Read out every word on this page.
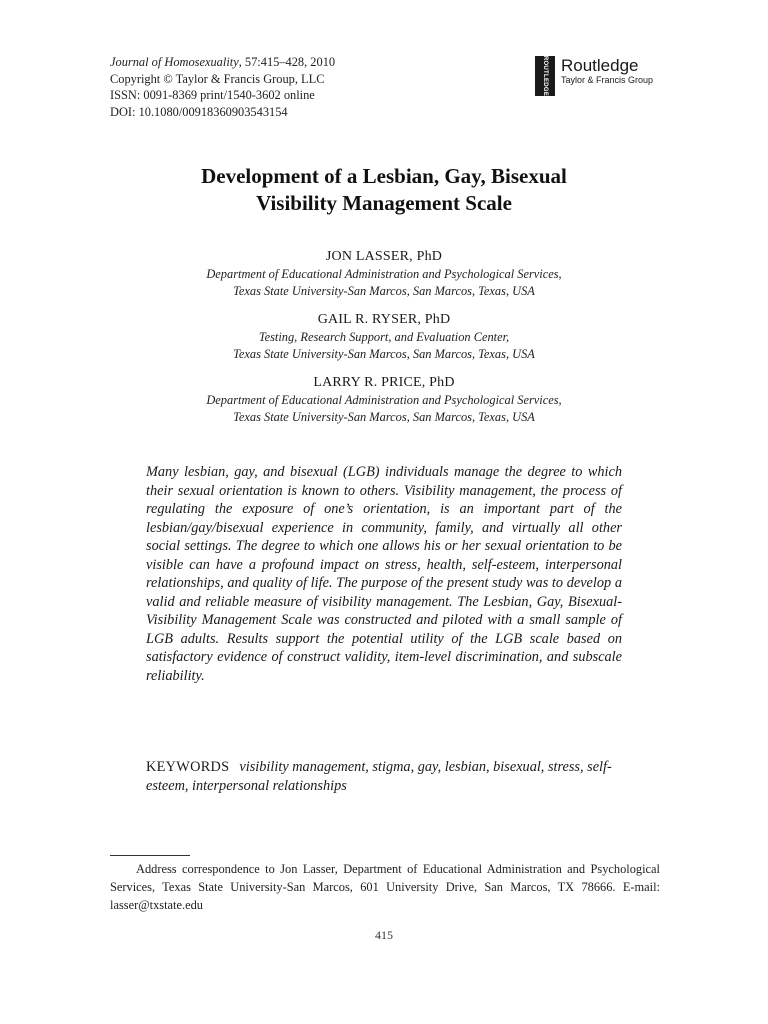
Journal of Homosexuality, 57:415–428, 2010
Copyright © Taylor & Francis Group, LLC
ISSN: 0091-8369 print/1540-3602 online
DOI: 10.1080/00918360903543154
ROUTLEDGE Routledge
Taylor & Francis Group
Development of a Lesbian, Gay, Bisexual
Visibility Management Scale
JON LASSER, PhD
Department of Educational Administration and Psychological Services,
Texas State University-San Marcos, San Marcos, Texas, USA
GAIL R. RYSER, PhD
Testing, Research Support, and Evaluation Center,
Texas State University-San Marcos, San Marcos, Texas, USA
LARRY R. PRICE, PhD
Department of Educational Administration and Psychological Services,
Texas State University-San Marcos, San Marcos, Texas, USA
Many lesbian, gay, and bisexual (LGB) individuals manage the degree to which their sexual orientation is known to others. Visibility management, the process of regulating the exposure of one’s orientation, is an important part of the lesbian/gay/bisexual experience in community, family, and virtually all other social settings. The degree to which one allows his or her sexual orientation to be visible can have a profound impact on stress, health, self-esteem, interpersonal relationships, and quality of life. The purpose of the present study was to develop a valid and reliable measure of visibility management. The Lesbian, Gay, Bisexual-Visibility Management Scale was constructed and piloted with a small sample of LGB adults. Results support the potential utility of the LGB scale based on satisfactory evidence of construct validity, item-level discrimination, and subscale reliability.
KEYWORDS visibility management, stigma, gay, lesbian, bisexual, stress, self-esteem, interpersonal relationships
Address correspondence to Jon Lasser, Department of Educational Administration and Psychological Services, Texas State University-San Marcos, 601 University Drive, San Marcos, TX 78666. E-mail: lasser@txstate.edu
415
